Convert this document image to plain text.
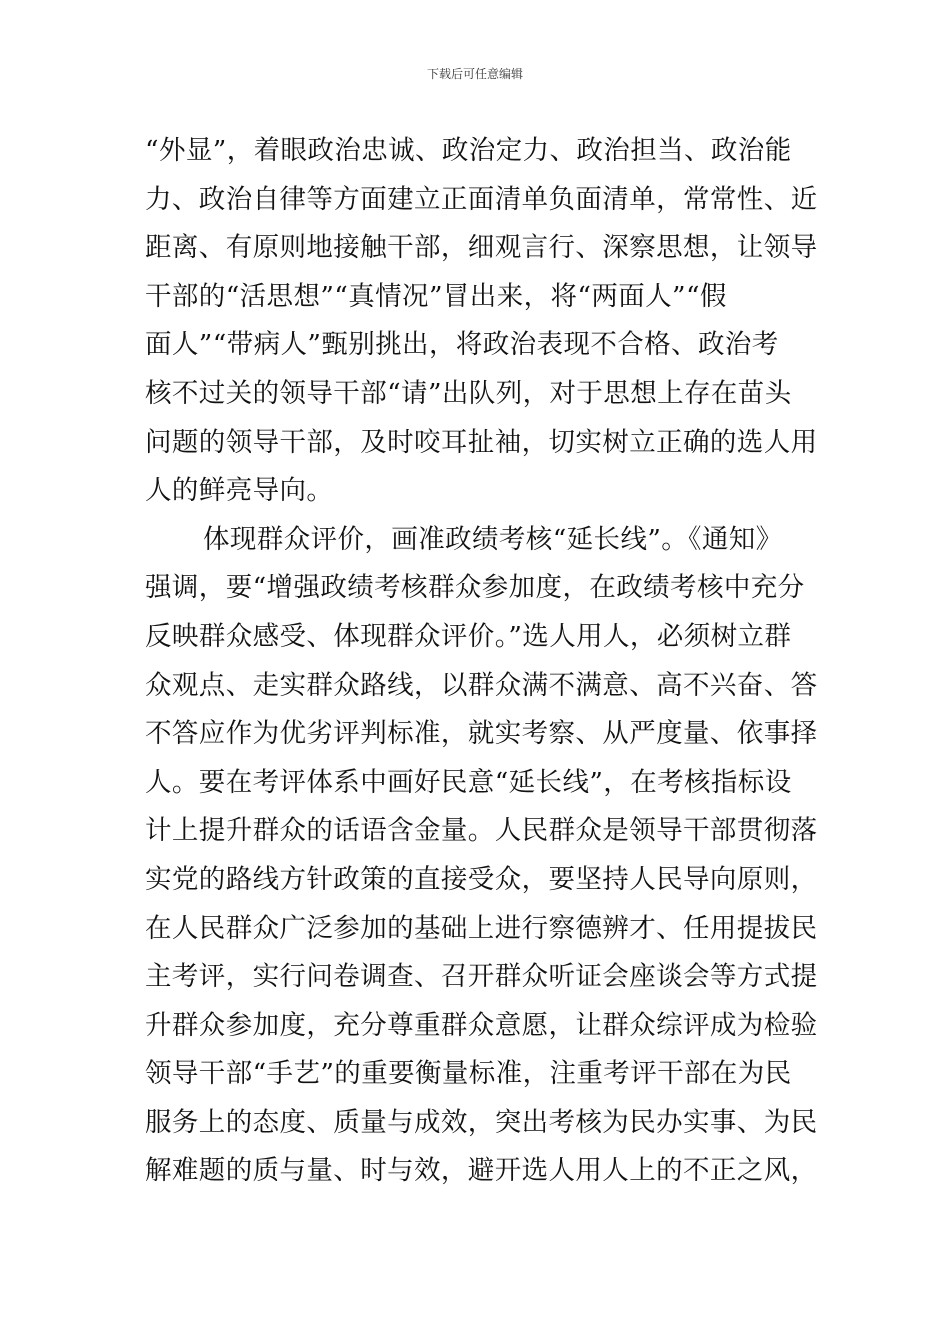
下载后可任意编辑
“外显”，着眼政治忠诚、政治定力、政治担当、政治能
力、政治自律等方面建立正面清单负面清单，常常性、近
距离、有原则地接触干部，细观言行、深察思想，让领导
干部的“活思想”“真情况”冒出来，将“两面人”“假
面人”“带病人”甄别挑出，将政治表现不合格、政治考
核不过关的领导干部“请”出队列，对于思想上存在苗头
问题的领导干部，及时咬耳扯袖，切实树立正确的选人用
人的鲜亮导向。
体现群众评价，画准政绩考核“延长线”。《通知》
强调，要“增强政绩考核群众参加度，在政绩考核中充分
反映群众感受、体现群众评价。”选人用人，必须树立群
众观点、走实群众路线，以群众满不满意、高不兴奋、答
不答应作为优劣评判标准，就实考察、从严度量、依事择
人。要在考评体系中画好民意“延长线”，在考核指标设
计上提升群众的话语含金量。人民群众是领导干部贯彻落
实党的路线方针政策的直接受众，要坚持人民导向原则，
在人民群众广泛参加的基础上进行察德辨才、任用提拔民
主考评，实行问卷调查、召开群众听证会座谈会等方式提
升群众参加度，充分尊重群众意愿，让群众综评成为检验
领导干部“手艺”的重要衡量标准，注重考评干部在为民
服务上的态度、质量与成效，突出考核为民办实事、为民
解难题的质与量、时与效，避开选人用人上的不正之风，
